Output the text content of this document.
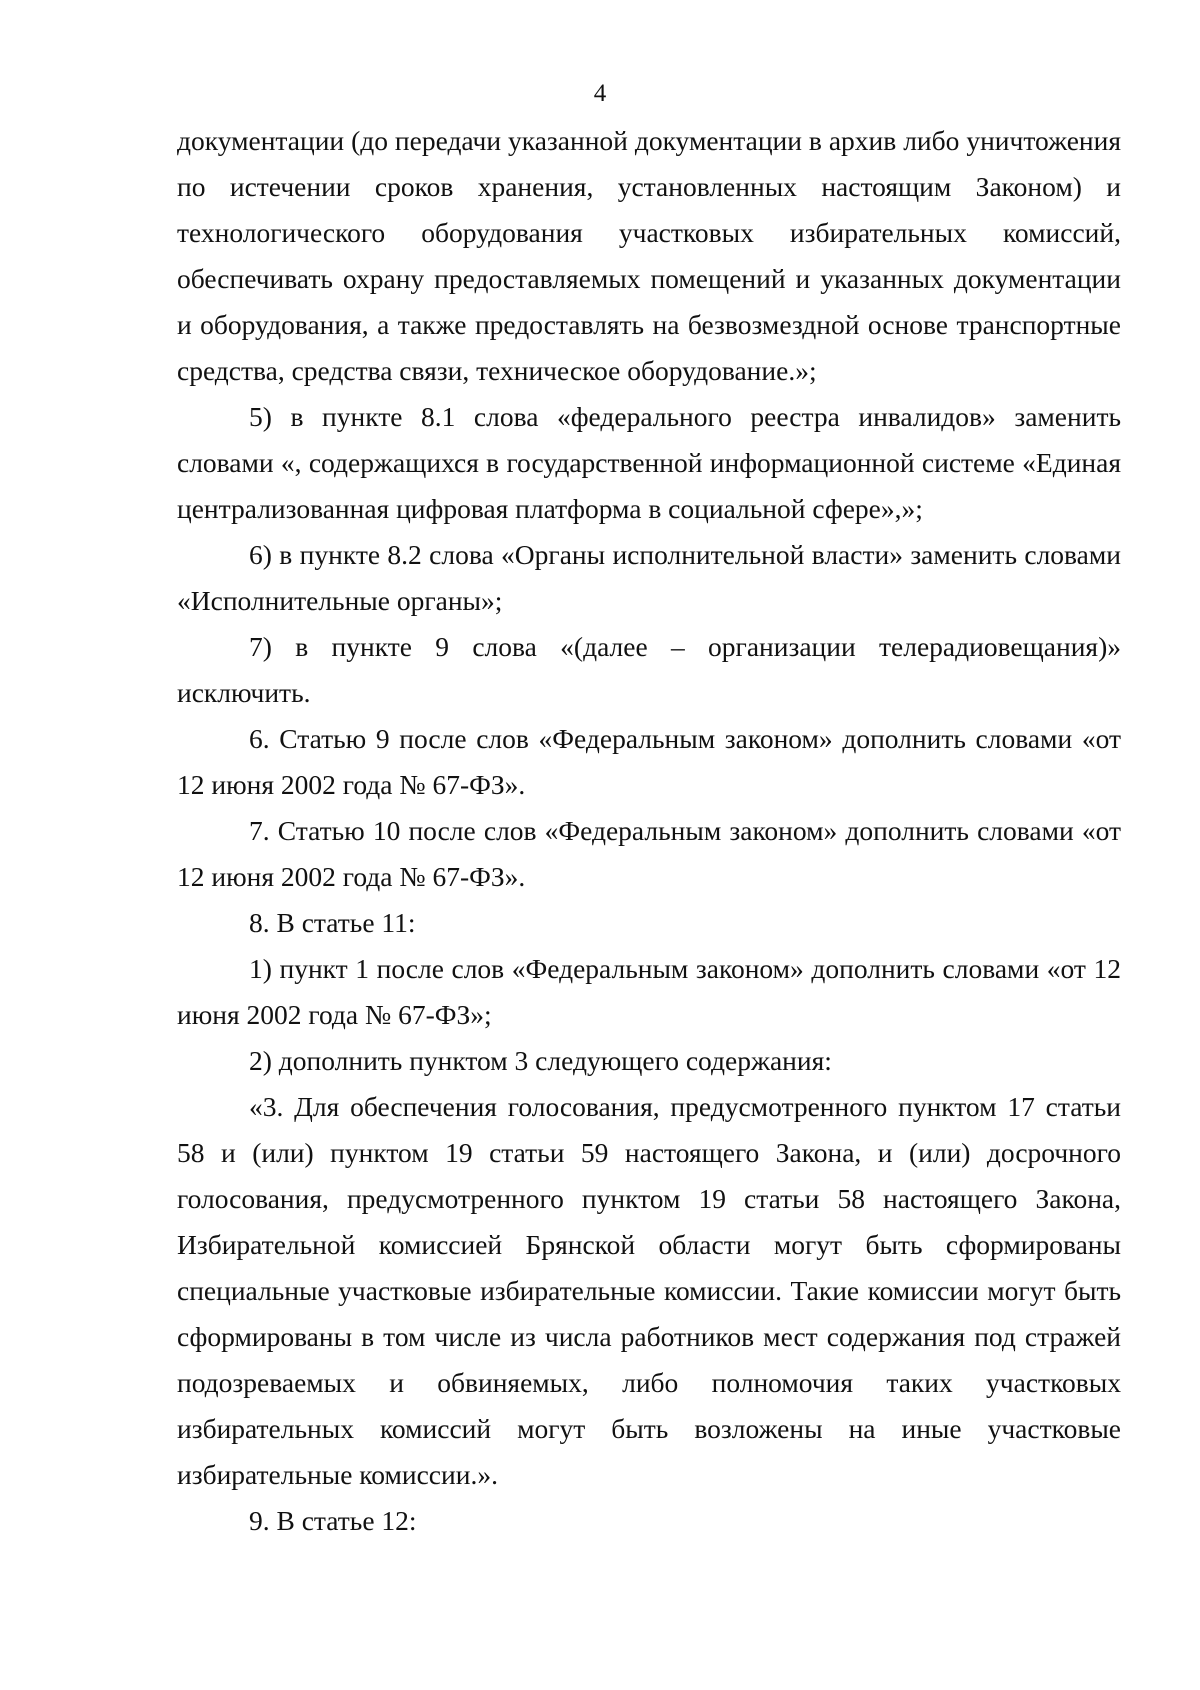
4

документации (до передачи указанной документации в архив либо уничтожения по истечении сроков хранения, установленных настоящим Законом) и технологического оборудования участковых избирательных комиссий, обеспечивать охрану предоставляемых помещений и указанных документации и оборудования, а также предоставлять на безвозмездной основе транспортные средства, средства связи, техническое оборудование.»;

5) в пункте 8.1 слова «федерального реестра инвалидов» заменить словами «, содержащихся в государственной информационной системе «Единая централизованная цифровая платформа в социальной сфере»,»;

6) в пункте 8.2 слова «Органы исполнительной власти» заменить словами «Исполнительные органы»;

7) в пункте 9 слова «(далее – организации телерадиовещания)» исключить.

6. Статью 9 после слов «Федеральным законом» дополнить словами «от 12 июня 2002 года № 67-ФЗ».

7. Статью 10 после слов «Федеральным законом» дополнить словами «от 12 июня 2002 года № 67-ФЗ».

8. В статье 11:

1) пункт 1 после слов «Федеральным законом» дополнить словами «от 12 июня 2002 года № 67-ФЗ»;

2) дополнить пунктом 3 следующего содержания:

«3. Для обеспечения голосования, предусмотренного пунктом 17 статьи 58 и (или) пунктом 19 статьи 59 настоящего Закона, и (или) досрочного голосования, предусмотренного пунктом 19 статьи 58 настоящего Закона, Избирательной комиссией Брянской области могут быть сформированы специальные участковые избирательные комиссии. Такие комиссии могут быть сформированы в том числе из числа работников мест содержания под стражей подозреваемых и обвиняемых, либо полномочия таких участковых избирательных комиссий могут быть возложены на иные участковые избирательные комиссии.».

9. В статье 12:
